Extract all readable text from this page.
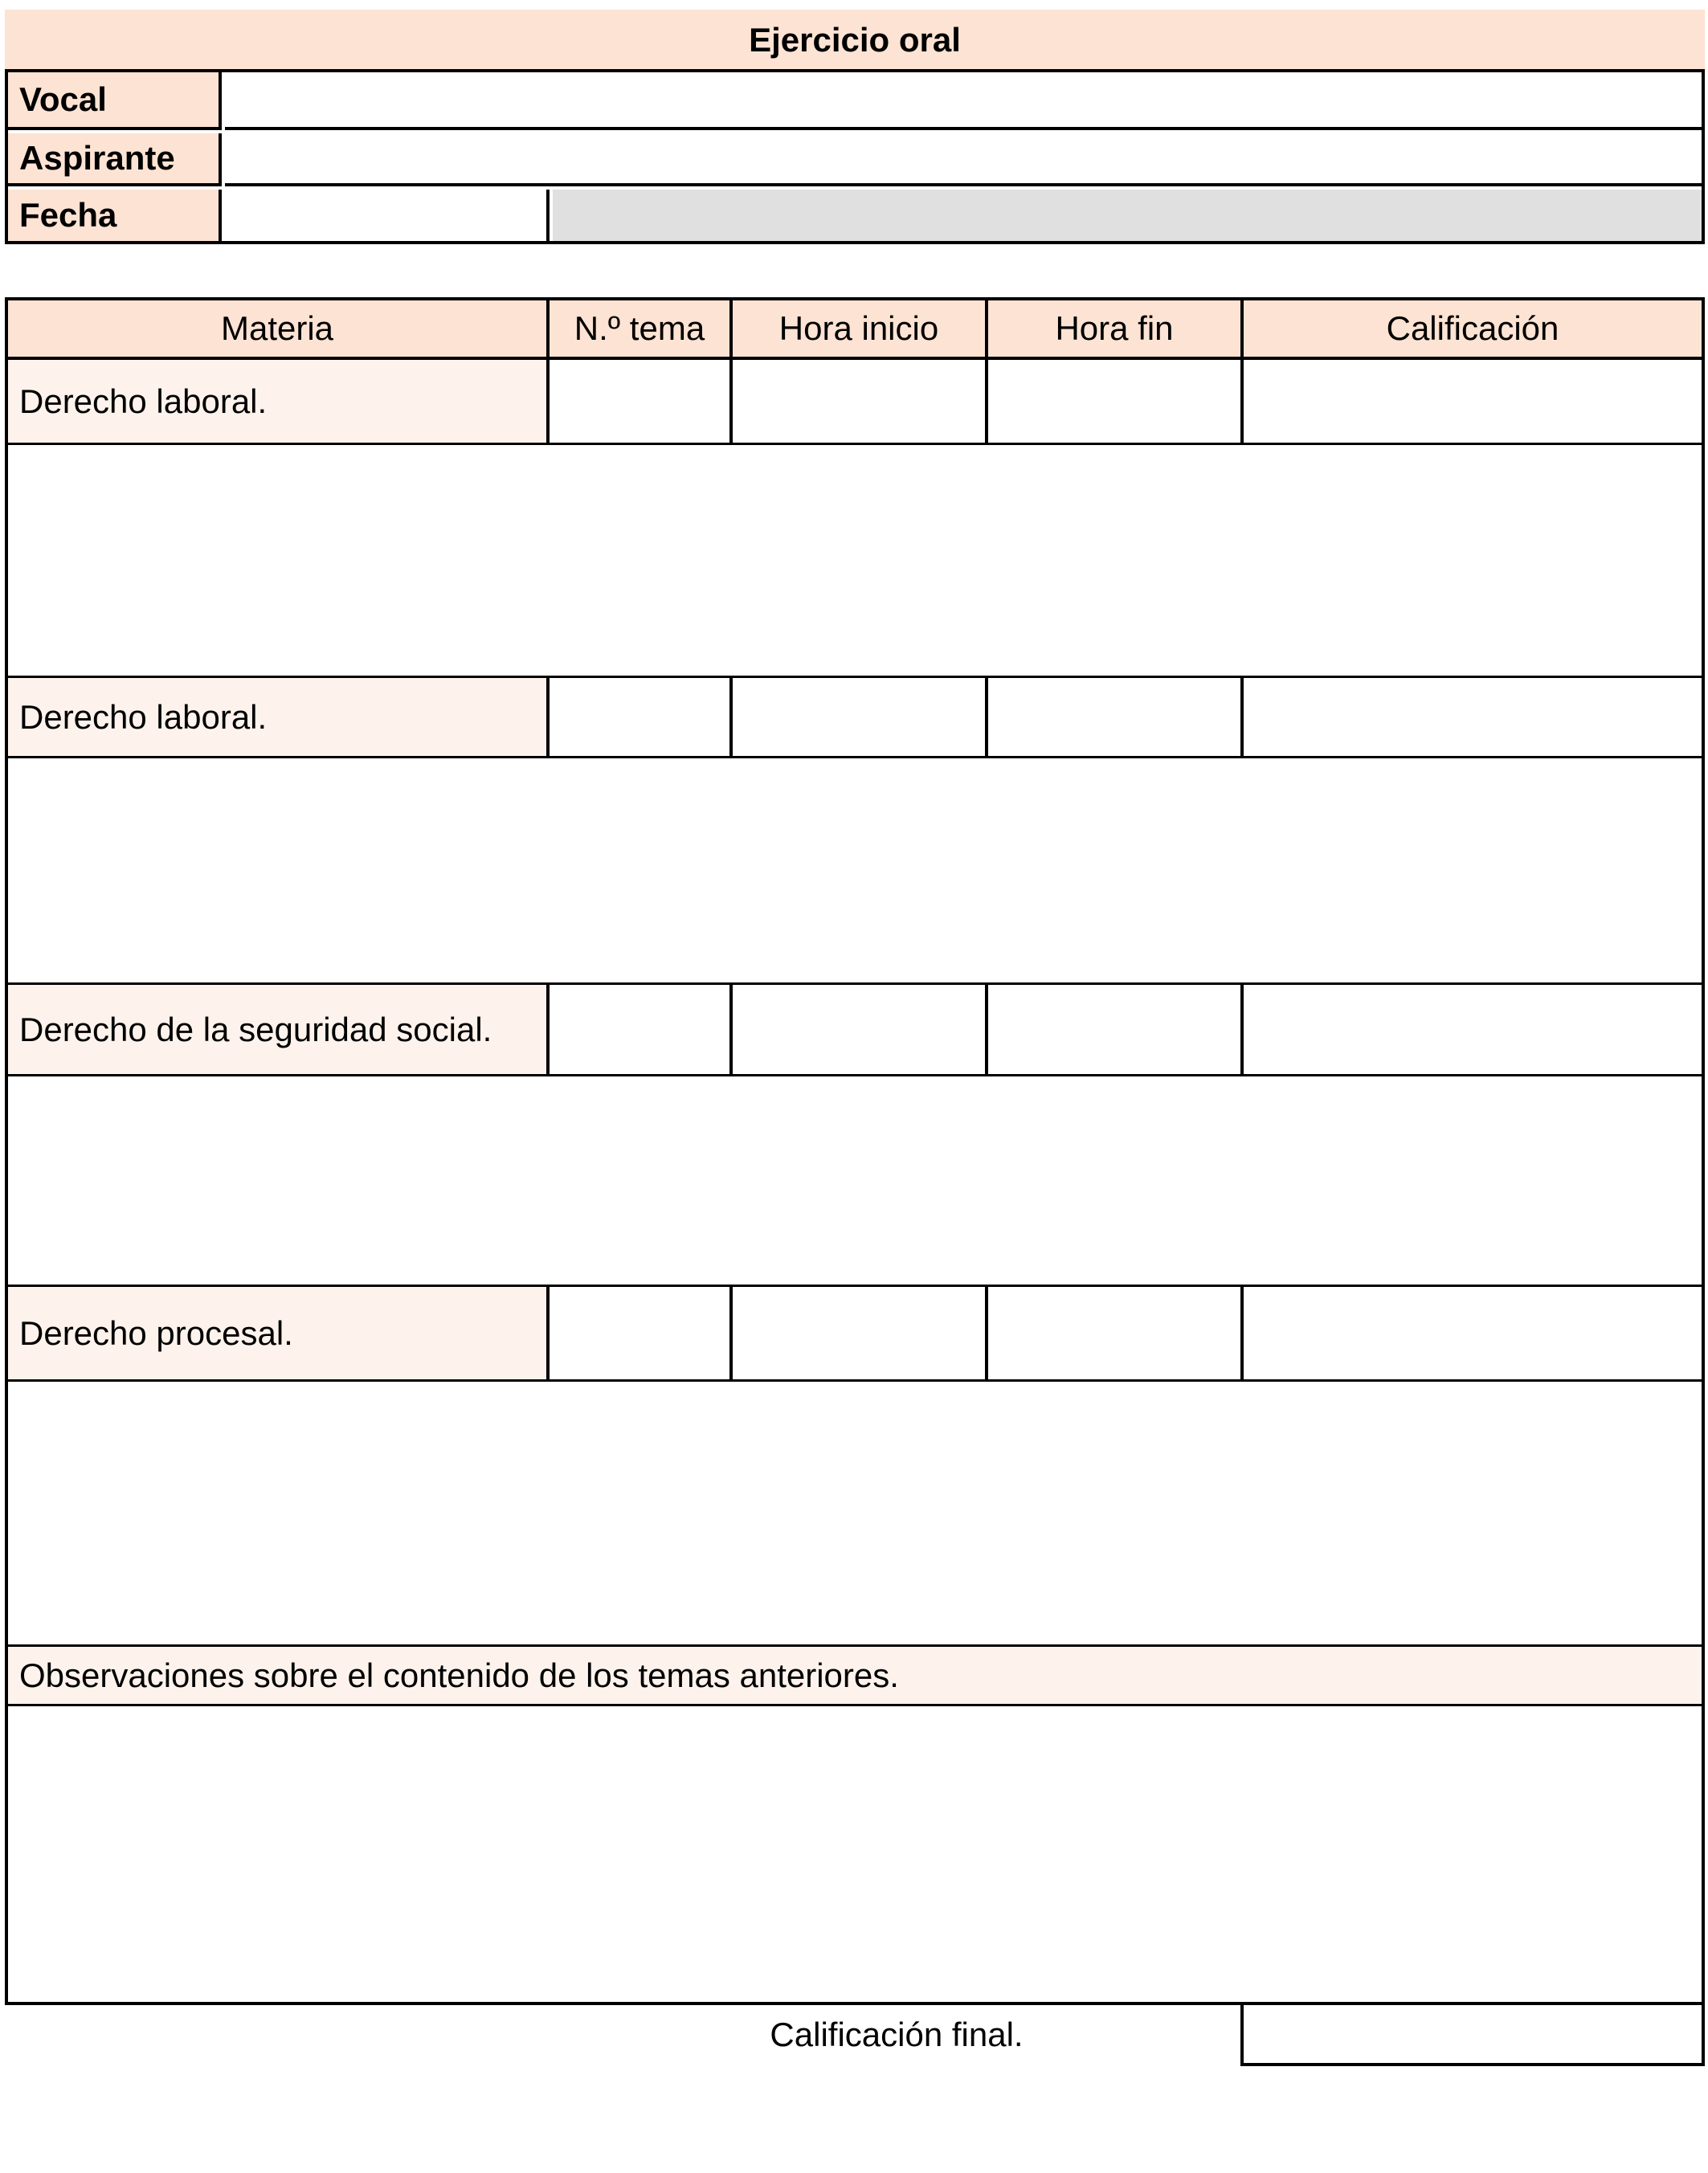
Ejercicio oral
Vocal
Aspirante
Fecha
Materia	N.º tema	Hora inicio	Hora fin	Calificación
Derecho laboral.
Derecho laboral.
Derecho de la seguridad social.
Derecho procesal.
Observaciones sobre el contenido de los temas anteriores.
Calificación final.
